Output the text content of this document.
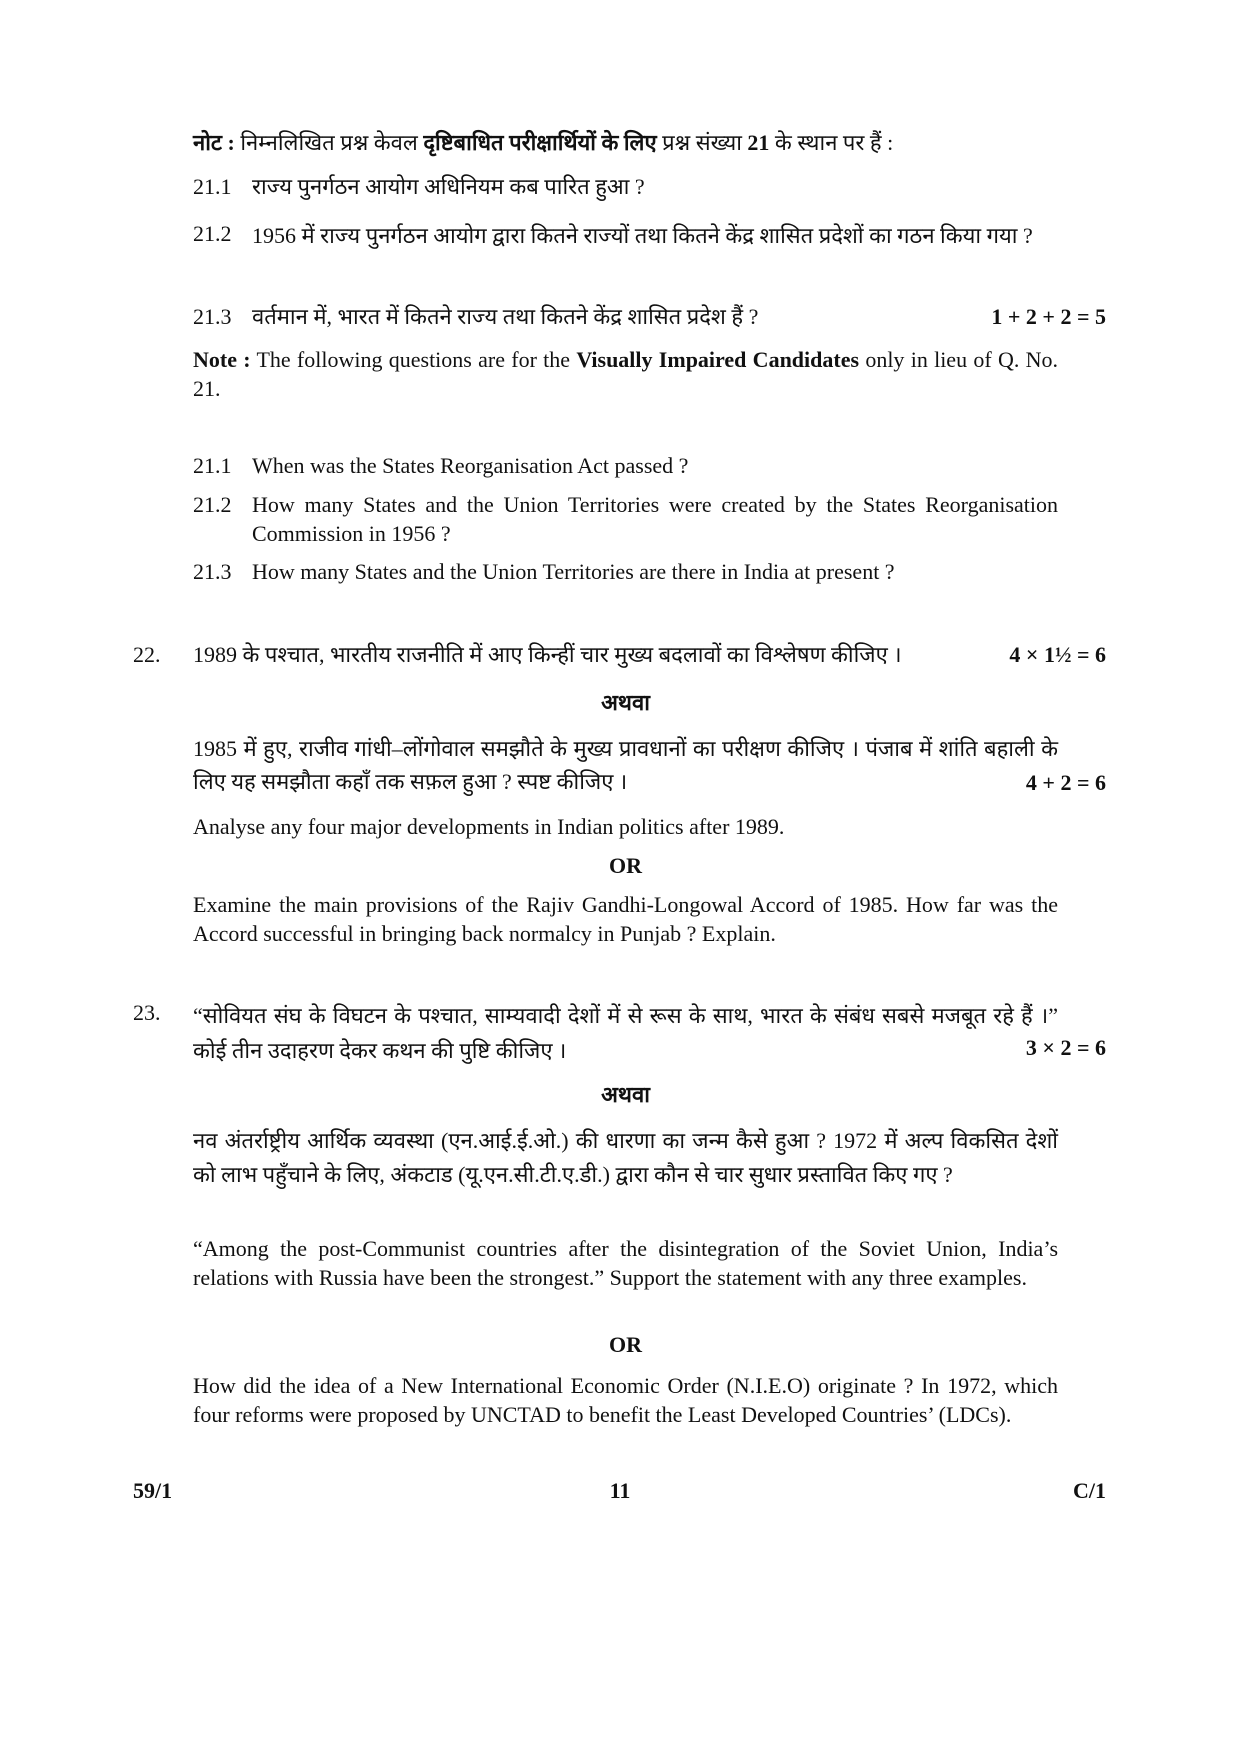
नोट : निम्नलिखित प्रश्न केवल दृष्टिबाधित परीक्षार्थियों के लिए प्रश्न संख्या 21 के स्थान पर हैं :
21.1 राज्य पुनर्गठन आयोग अधिनियम कब पारित हुआ ?
21.2 1956 में राज्य पुनर्गठन आयोग द्वारा कितने राज्यों तथा कितने केंद्र शासित प्रदेशों का गठन किया गया ?
21.3 वर्तमान में, भारत में कितने राज्य तथा कितने केंद्र शासित प्रदेश हैं ?	1 + 2 + 2 = 5
Note : The following questions are for the Visually Impaired Candidates only in lieu of Q. No. 21.
21.1 When was the States Reorganisation Act passed ?
21.2 How many States and the Union Territories were created by the States Reorganisation Commission in 1956 ?
21.3 How many States and the Union Territories are there in India at present ?
22. 1989 के पश्चात, भारतीय राजनीति में आए किन्हीं चार मुख्य बदलावों का विश्लेषण कीजिए ।	4 × 1½ = 6
अथवा
1985 में हुए, राजीव गांधी–लोंगोवाल समझौते के मुख्य प्रावधानों का परीक्षण कीजिए । पंजाब में शांति बहाली के लिए यह समझौता कहाँ तक सफ़ल हुआ ? स्पष्ट कीजिए ।	4 + 2 = 6
Analyse any four major developments in Indian politics after 1989.
OR
Examine the main provisions of the Rajiv Gandhi-Longowal Accord of 1985. How far was the Accord successful in bringing back normalcy in Punjab ? Explain.
23. “सोवियत संघ के विघटन के पश्चात, साम्यवादी देशों में से रूस के साथ, भारत के संबंध सबसे मजबूत रहे हैं ।” कोई तीन उदाहरण देकर कथन की पुष्टि कीजिए ।	3 × 2 = 6
अथवा
नव अंतर्राष्ट्रीय आर्थिक व्यवस्था (एन.आई.ई.ओ.) की धारणा का जन्म कैसे हुआ ? 1972 में अल्प विकसित देशों को लाभ पहुँचाने के लिए, अंकटाड (यू.एन.सी.टी.ए.डी.) द्वारा कौन से चार सुधार प्रस्तावित किए गए ?
“Among the post-Communist countries after the disintegration of the Soviet Union, India’s relations with Russia have been the strongest.” Support the statement with any three examples.
OR
How did the idea of a New International Economic Order (N.I.E.O) originate ? In 1972, which four reforms were proposed by UNCTAD to benefit the Least Developed Countries’ (LDCs).
59/1	11	C/1
